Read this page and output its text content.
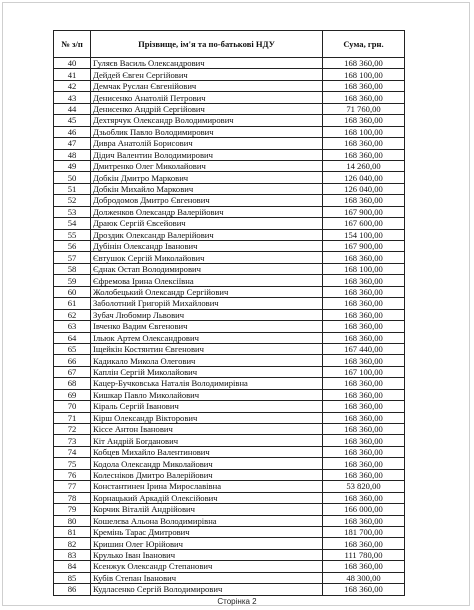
№ з/п	Прізвище, ім'я та по-батькові НДУ	Сума, грн.
40	Гуляєв Василь Олександрович	168 360,00
41	Дейдей Євген Сергійович	168 100,00
42	Демчак Руслан Євгенійович	168 360,00
43	Денисенко Анатолій Петрович	168 360,00
44	Денисенко Андрій Сергійович	71 760,00
45	Дехтярчук Олександр Володимирович	168 360,00
46	Дзьоблик Павло Володимирович	168 100,00
47	Дивра Анатолій Борисович	168 360,00
48	Дідич Валентин Володимирович	168 360,00
49	Дмитренко Олег Миколайович	14 260,00
50	Добкін Дмитро Маркович	126 040,00
51	Добкін Михайло Маркович	126 040,00
52	Добродомов Дмитро Євгенович	168 360,00
53	Долженков Олександр Валерійович	167 900,00
54	Драюк Сергій Євсейович	167 600,00
55	Дроздик Олександр Валерійович	154 100,00
56	Дубінін Олександр Іванович	167 900,00
57	Євтушок Сергій Миколайович	168 360,00
58	Єднак Остап Володимирович	168 100,00
59	Єфремова Ірина Олексіївна	168 360,00
60	Жолобецький Олександр Сергійович	168 360,00
61	Заболотний Григорій Михайлович	168 360,00
62	Зубач Любомир Львович	168 360,00
63	Івченко Вадим Євгенович	168 360,00
64	Ільюк Артем Олександрович	168 360,00
65	Іщейкін Костянтин Євгенович	167 440,00
66	Кадикало Микола Олегович	168 360,00
67	Каплін Сергій Миколайович	167 100,00
68	Кацер-Бучковська Наталія Володимирівна	168 360,00
69	Кишкар Павло Миколайович	168 360,00
70	Кіраль Сергій Іванович	168 360,00
71	Кірш Олександр Вікторович	168 360,00
72	Кіссе Антон Іванович	168 360,00
73	Кіт Андрій Богданович	168 360,00
74	Кобцев Михайло Валентинович	168 360,00
75	Кодола Олександр Миколайович	168 360,00
76	Колесніков Дмитро Валерійович	168 360,00
77	Константинен Ірина Мирославівна	53 820,00
78	Корнацький Аркадій Олексійович	168 360,00
79	Корчик Віталій Андрійович	166 000,00
80	Кошелєва Альона Володимирівна	168 360,00
81	Кремінь Тарас Дмитрович	181 700,00
82	Кришин Олег Юрійович	168 360,00
83	Крулько Іван Іванович	111 780,00
84	Ксенжук Олександр Степанович	168 360,00
85	Кубів Степан Іванович	48 300,00
86	Кудласенко Сергій Володимирович	168 360,00
Сторінка 2
